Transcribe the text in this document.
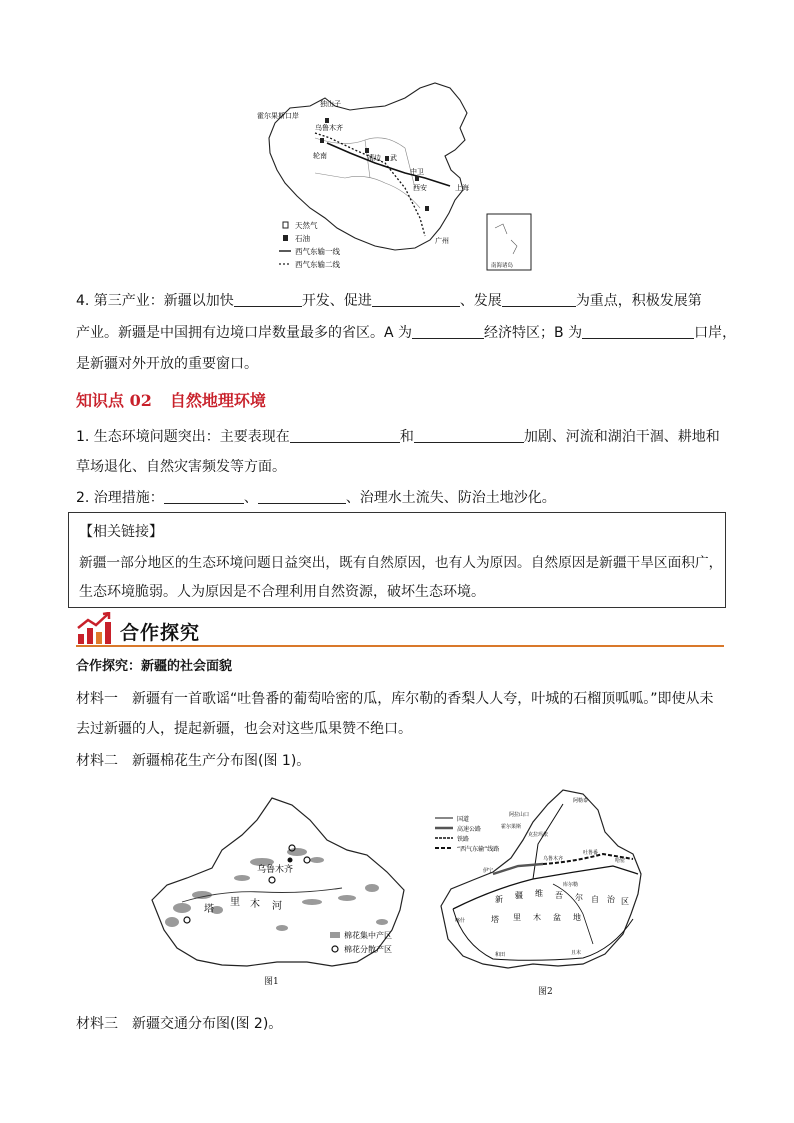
霍尔果斯口岸
独山子
乌鲁木齐
轮南	靖边 武
中卫
西安	上海
广州
南海诸岛
天然气
石油
西气东输一线
西气东输二线
4. 第三产业：新疆以加快	开发、促进	、发展	为重点，积极发展第
产业。新疆是中国拥有边境口岸数量最多的省区。A 为	经济特区；B 为	口岸，
是新疆对外开放的重要窗口。
知识点 02 自然地理环境
1. 生态环境问题突出：主要表现在	和	加剧、河流和湖泊干涸、耕地和
草场退化、自然灾害频发等方面。
2. 治理措施：	、	、治理水土流失、防治土地沙化。
【相关链接】
新疆一部分地区的生态环境问题日益突出，既有自然原因，也有人为原因。自然原因是新疆干旱区面积广，
生态环境脆弱。人为原因是不合理利用自然资源，破坏生态环境。
合作探究
合作探究：新疆的社会面貌
材料一　新疆有一首歌谣“吐鲁番的葡萄哈密的瓜，库尔勒的香梨人人夸，叶城的石榴顶呱呱。”即使从未
去过新疆的人，提起新疆，也会对这些瓜果赞不绝口。
材料二　新疆棉花生产分布图(图 1)。
乌鲁木齐
塔
里 木 河
棉花集中产区
棉花分散产区
图1
国道
高速公路
铁路
“西气东输”线路
阿勒泰
阿拉山口
霍尔果斯
伊宁
乌鲁木齐
吐鲁番
哈密
克拉玛依
库尔勒
喀什
和田	且末
新 疆 维 吾 尔 自 治 区
塔 里 木 盆 地
图2
材料三　新疆交通分布图(图 2)。
